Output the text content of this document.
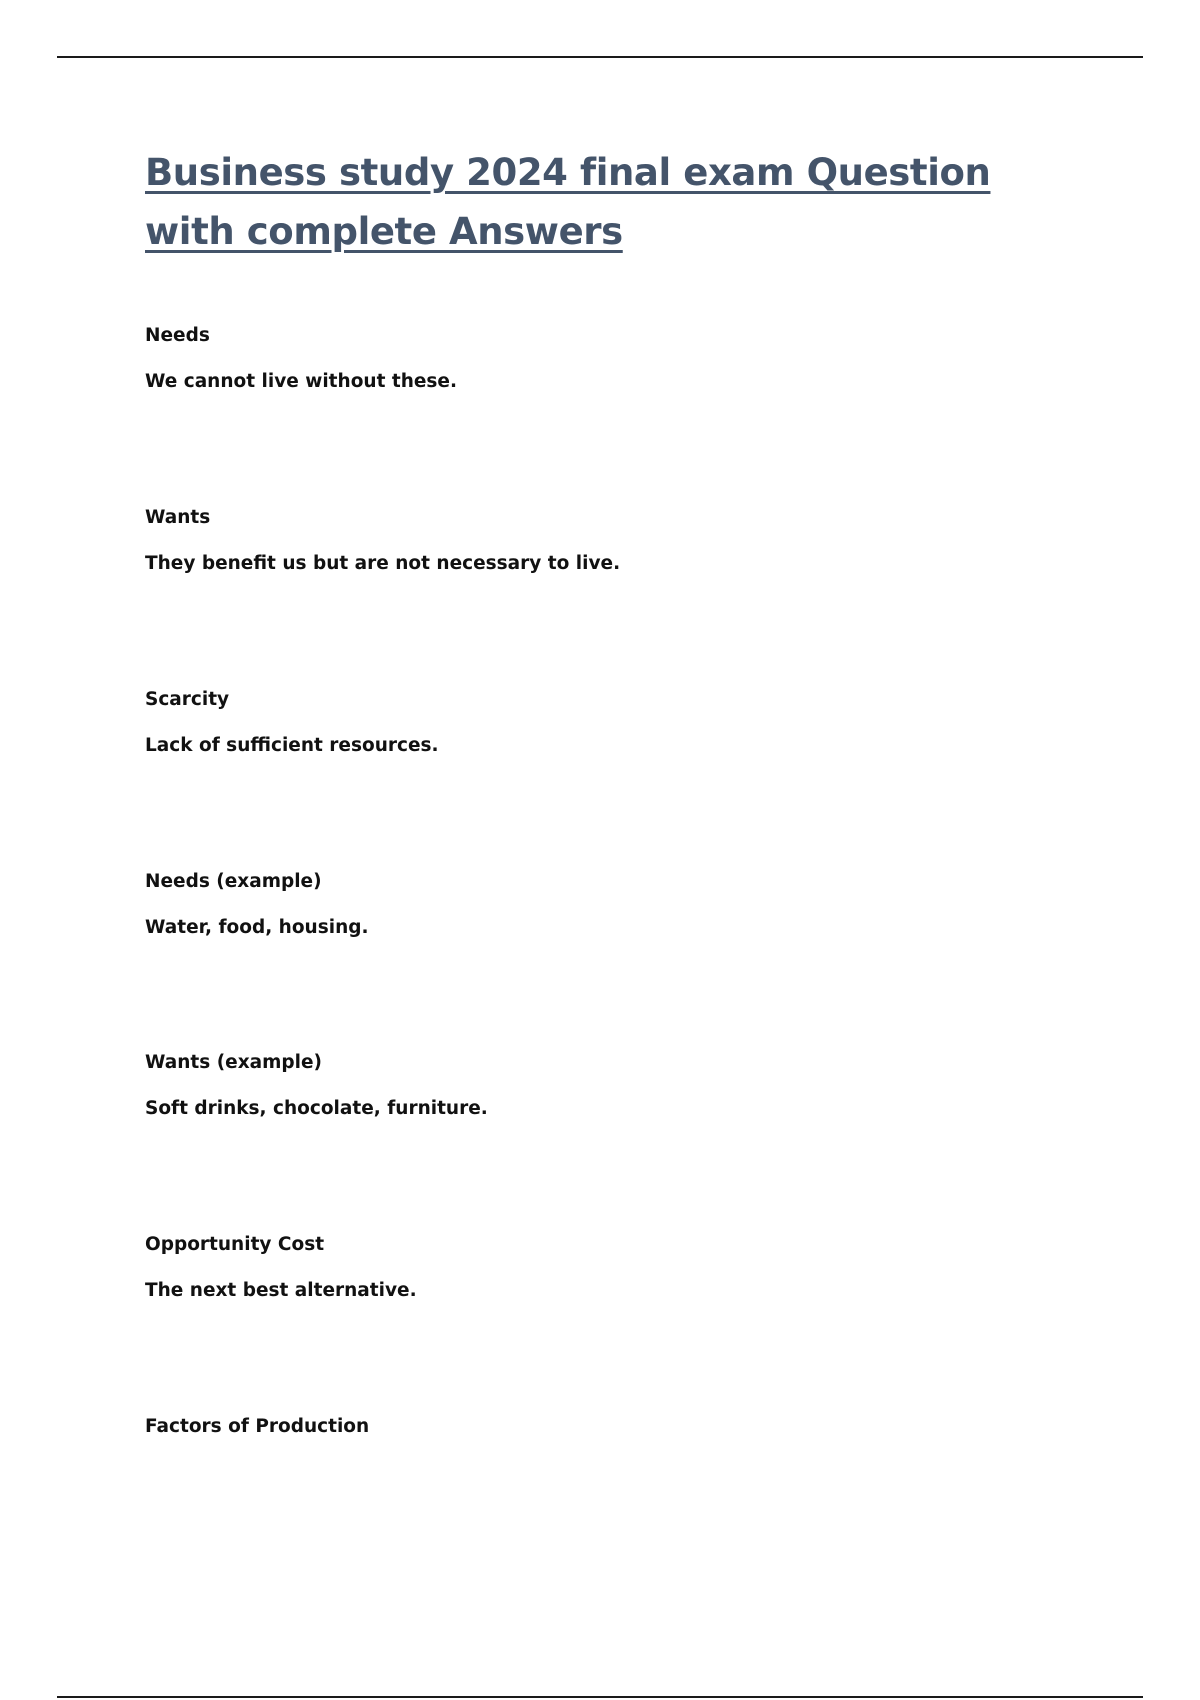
Business study 2024 final exam Question with complete Answers

Needs

We cannot live without these.

Wants

They benefit us but are not necessary to live.

Scarcity

Lack of sufficient resources.

Needs (example)

Water, food, housing.

Wants (example)

Soft drinks, chocolate, furniture.

Opportunity Cost

The next best alternative.

Factors of Production
